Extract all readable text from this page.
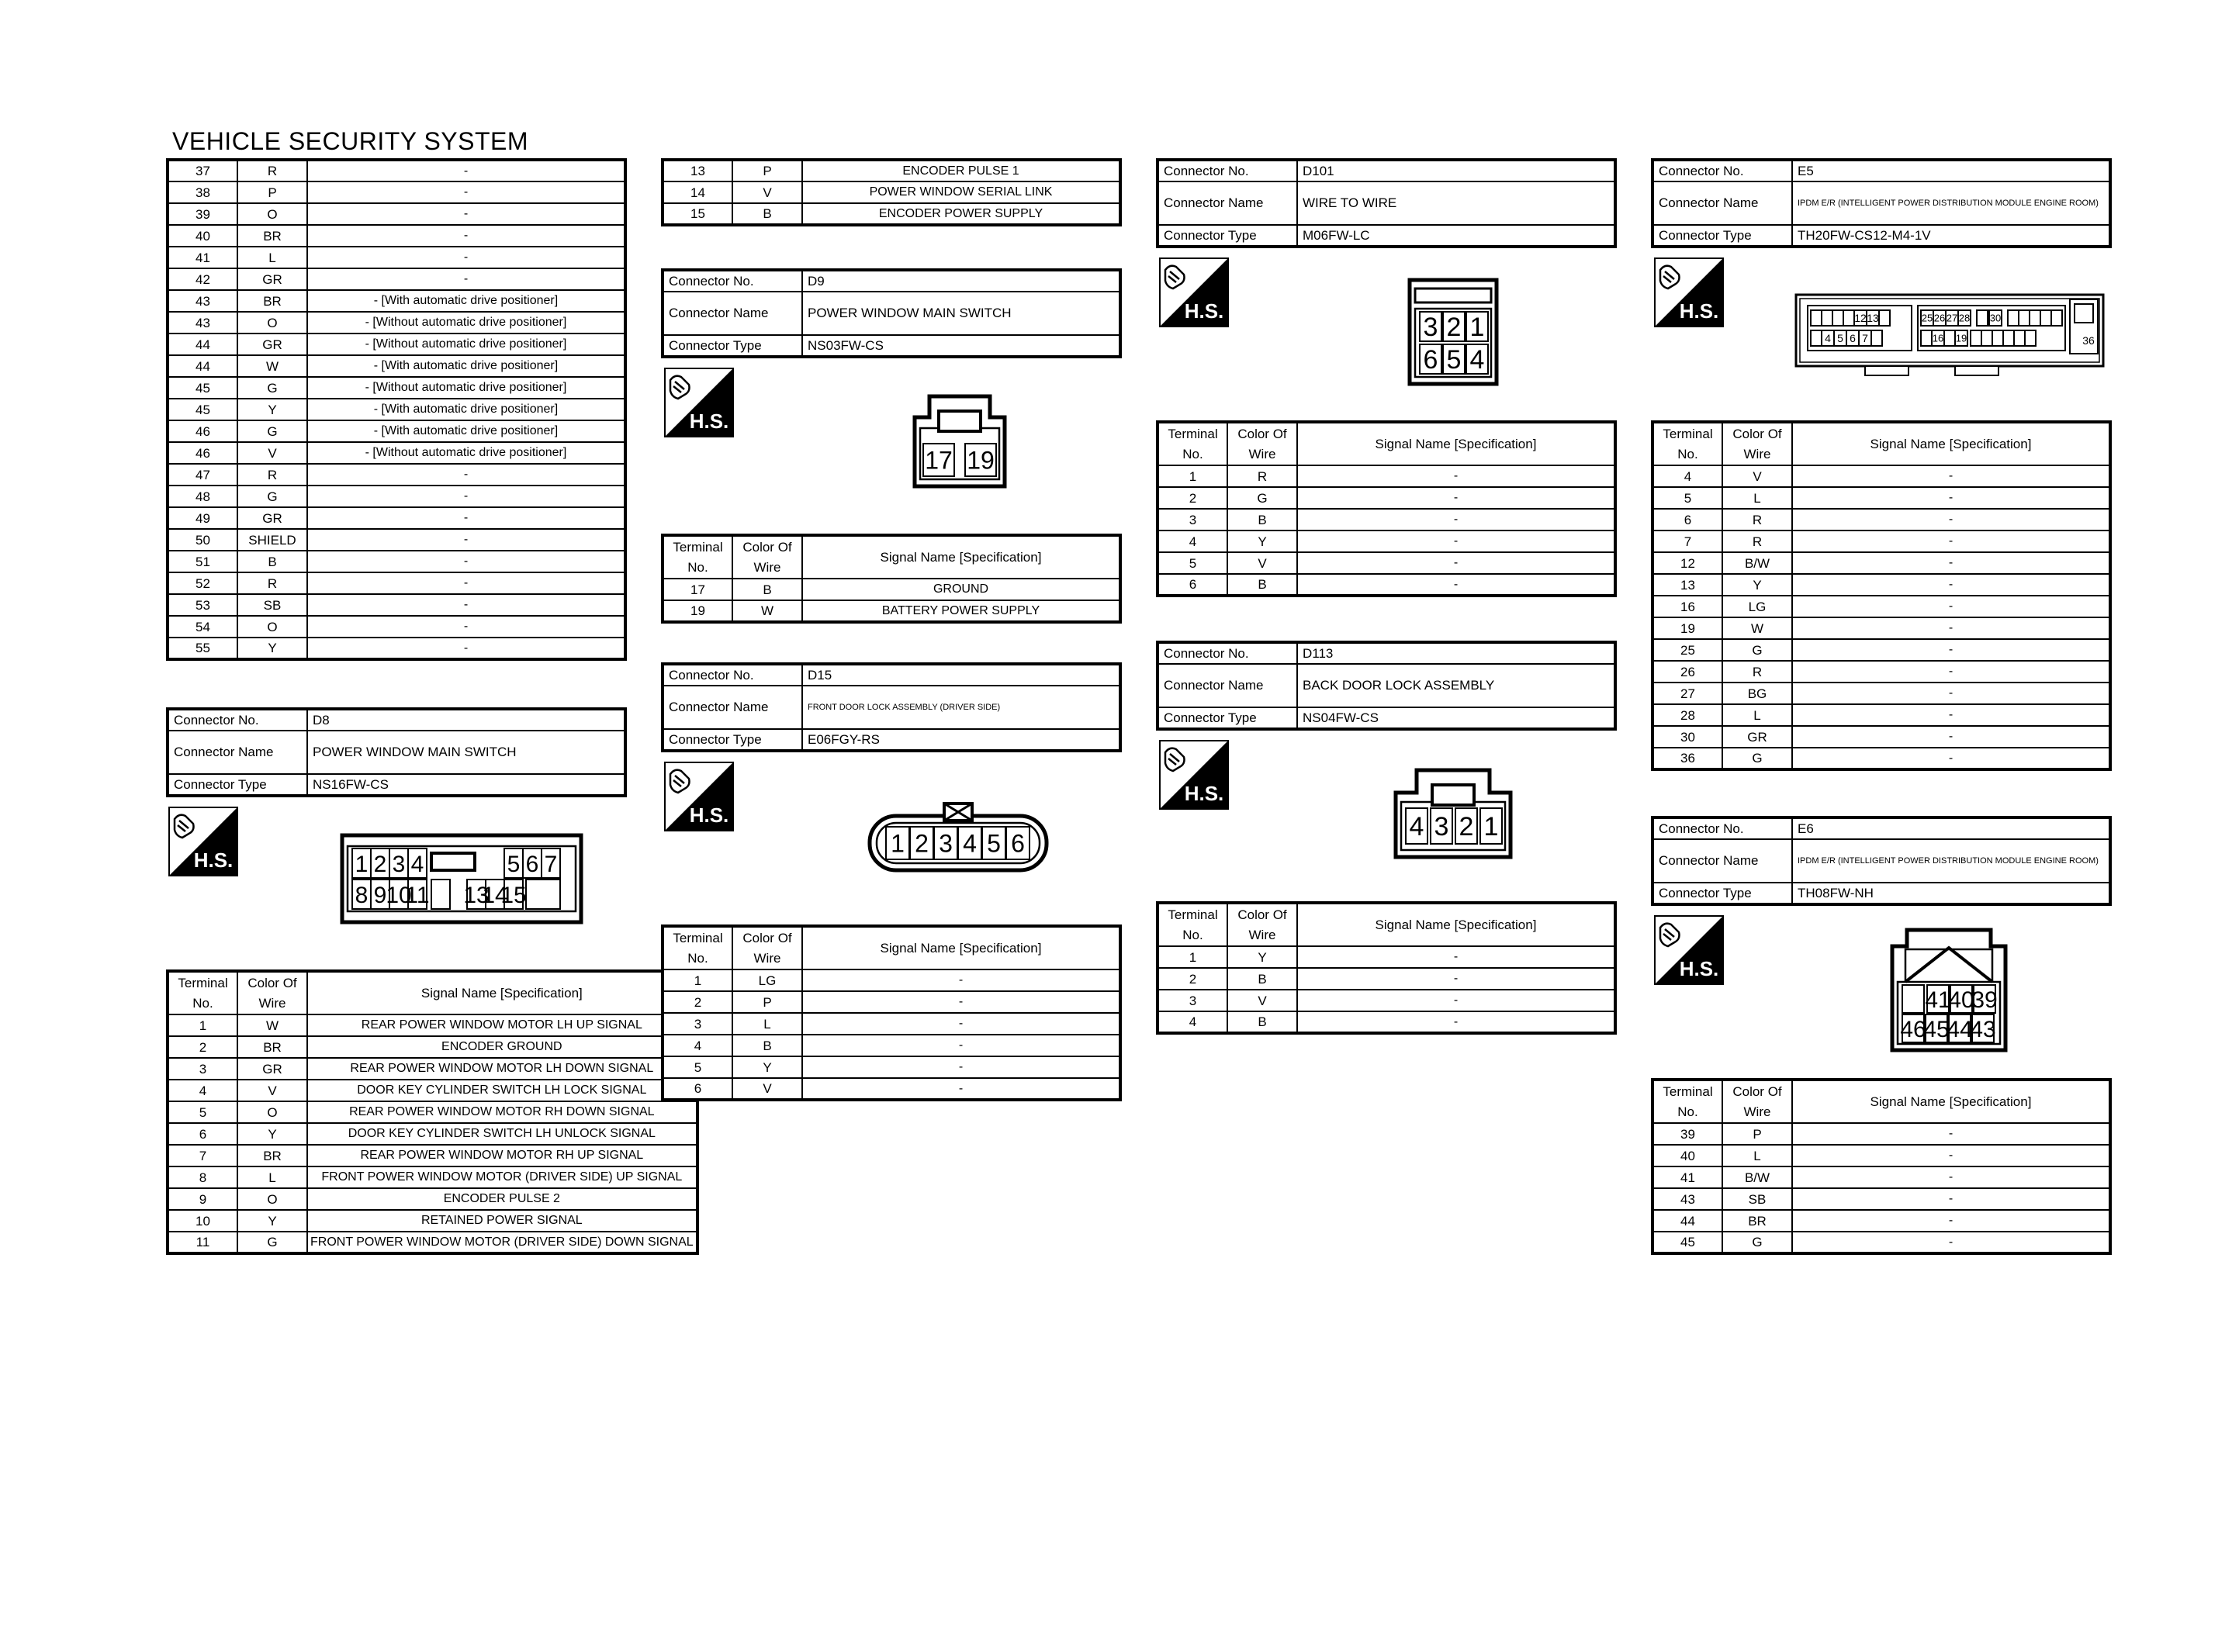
VEHICLE SECURITY SYSTEM
37	R	-
38	P	-
39	O	-
40	BR	-
41	L	-
42	GR	-
43	BR	- [With automatic drive positioner]
43	O	- [Without automatic drive positioner]
44	GR	- [Without automatic drive positioner]
44	W	- [With automatic drive positioner]
45	G	- [Without automatic drive positioner]
45	Y	- [With automatic drive positioner]
46	G	- [With automatic drive positioner]
46	V	- [Without automatic drive positioner]
47	R	-
48	G	-
49	GR	-
50	SHIELD	-
51	B	-
52	R	-
53	SB	-
54	O	-
55	Y	-
Connector No.	D8
Connector Name	POWER WINDOW MAIN SWITCH
Connector Type	NS16FW-CS
H.S.	1 2 3 4	5 6 7
8 9
10
11 13
14
15
Terminal No.	Color Of Wire	Signal Name [Specification]
1	W	REAR POWER WINDOW MOTOR LH UP SIGNAL
2	BR	ENCODER GROUND
3	GR	REAR POWER WINDOW MOTOR LH DOWN SIGNAL
4	V	DOOR KEY CYLINDER SWITCH LH LOCK SIGNAL
5	O	REAR POWER WINDOW MOTOR RH DOWN SIGNAL
6	Y	DOOR KEY CYLINDER SWITCH LH UNLOCK SIGNAL
7	BR	REAR POWER WINDOW MOTOR RH UP SIGNAL
8	L	FRONT POWER WINDOW MOTOR (DRIVER SIDE) UP SIGNAL
9	O	ENCODER PULSE 2
10	Y	RETAINED POWER SIGNAL
11	G	FRONT POWER WINDOW MOTOR (DRIVER SIDE) DOWN SIGNAL
13	P	ENCODER PULSE 1
14	V	POWER WINDOW SERIAL LINK
15	B	ENCODER POWER SUPPLY
Connector No.	D9
Connector Name	POWER WINDOW MAIN SWITCH
Connector Type	NS03FW-CS
H.S.
17 19
Terminal No.	Color Of Wire	Signal Name [Specification]
17	B	GROUND
19	W	BATTERY POWER SUPPLY
Connector No.	D15
Connector Name	FRONT DOOR LOCK ASSEMBLY (DRIVER SIDE)
Connector Type	E06FGY-RS
H.S.
1 2 3 4 5 6
Terminal No.	Color Of Wire	Signal Name [Specification]
1	LG	-
2	P	-
3	L	-
4	B	-
5	Y	-
6	V	-
Connector No.	D101
Connector Name	WIRE TO WIRE
Connector Type	M06FW-LC
H.S.
3 2 1
6 5 4
Terminal No.	Color Of Wire	Signal Name [Specification]
1	R	-
2	G	-
3	B	-
4	Y	-
5	V	-
6	B	-
Connector No.	D113
Connector Name	BACK DOOR LOCK ASSEMBLY
Connector Type	NS04FW-CS
H.S.
4 3 2 1
Terminal No.	Color Of Wire	Signal Name [Specification]
1	Y	-
2	B	-
3	V	-
4	B	-
Connector No.	E5
Connector Name	IPDM E/R (INTELLIGENT POWER DISTRIBUTION MODULE ENGINE ROOM)
Connector Type	TH20FW-CS12-M4-1V
H.S.	12 13
4 5 6 7
25 26 27 28 30
16 19	36
Terminal No.	Color Of Wire	Signal Name [Specification]
4	V	-
5	L	-
6	R	-
7	R	-
12	B/W	-
13	Y	-
16	LG	-
19	W	-
25	G	-
26	R	-
27	BG	-
28	L	-
30	GR	-
36	G	-
Connector No.	E6
Connector Name	IPDM E/R (INTELLIGENT POWER DISTRIBUTION MODULE ENGINE ROOM)
Connector Type	TH08FW-NH
H.S.
41
40
39
46
45
44
43
Terminal No.	Color Of Wire	Signal Name [Specification]
39	P	-
40	L	-
41	B/W	-
43	SB	-
44	BR	-
45	G	-
